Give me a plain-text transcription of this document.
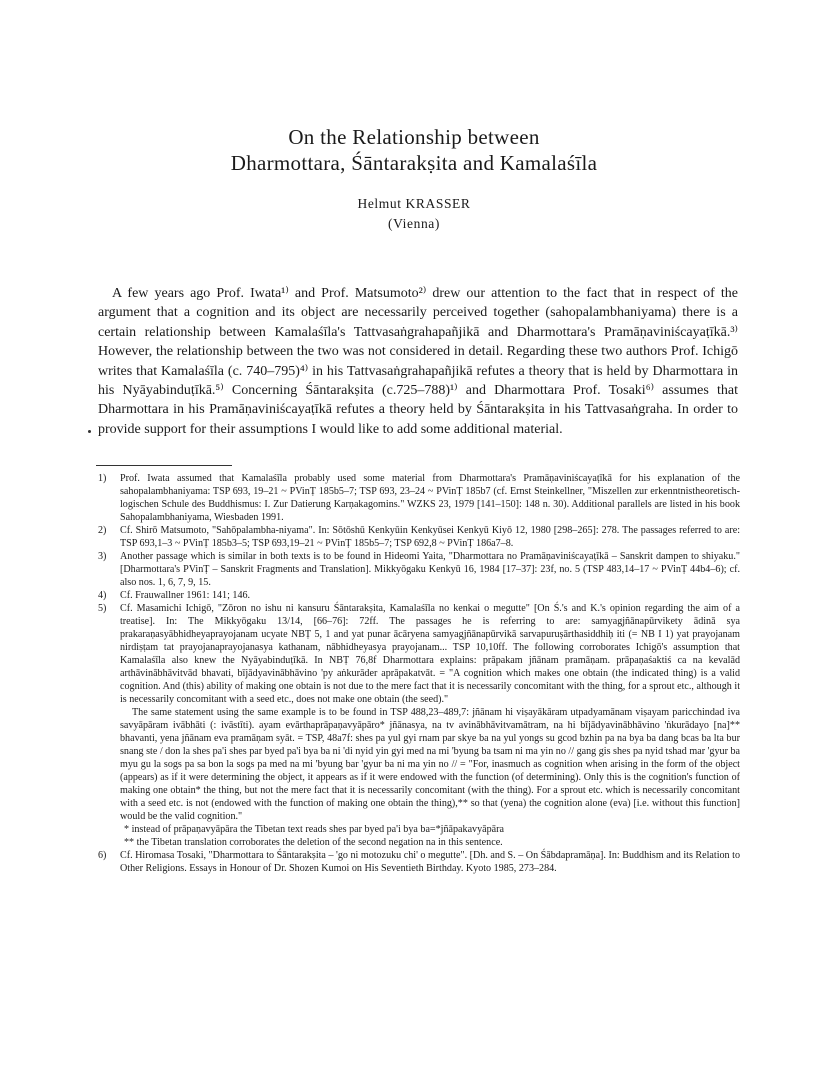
On the Relationship between
Dharmottara, Śāntarakṣita and Kamalaśīla
Helmut KRASSER
(Vienna)

A few years ago Prof. Iwata¹⁾ and Prof. Matsumoto²⁾ drew our attention to the fact that in respect of the argument that a cognition and its object are necessarily perceived together (sahopalambhaniyama) there is a certain relationship between Kamalaśīla's Tattvasaṅgrahapañjikā and Dharmottara's Pramāṇaviniścayaṭīkā.³⁾ However, the relationship between the two was not considered in detail. Regarding these two authors Prof. Ichigō writes that Kamalaśīla (c. 740–795)⁴⁾ in his Tattvasaṅgrahapañjikā refutes a theory that is held by Dharmottara in his Nyāyabinduṭīkā.⁵⁾ Concerning Śāntarakṣita (c.725–788)¹⁾ and Dharmottara Prof. Tosaki⁶⁾ assumes that Dharmottara in his Pramāṇaviniścayaṭīkā refutes a theory held by Śāntarakṣita in his Tattvasaṅgraha. In order to provide support for their assumptions I would like to add some additional material.

1)	Prof. Iwata assumed that Kamalaśīla probably used some material from Dharmottara's Pramāṇaviniścayaṭīkā for his explanation of the sahopalambhaniyama: TSP 693, 19–21 ~ PVinṬ 185b5–7; TSP 693, 23–24 ~ PVinṬ 185b7 (cf. Ernst Steinkellner, "Miszellen zur erkenntnistheoretisch-logischen Schule des Buddhismus: I. Zur Datierung Karṇakagomins." WZKS 23, 1979 [141–150]: 148 n. 30). Additional parallels are listed in his book Sahopalambhaniyama, Wiesbaden 1991.

2)	Cf. Shirō Matsumoto, "Sahōpalambha-niyama". In: Sōtōshū Kenkyūin Kenkyūsei Kenkyū Kiyō 12, 1980 [298–265]: 278. The passages referred to are: TSP 693,1–3 ~ PVinṬ 185b3–5; TSP 693,19–21 ~ PVinṬ 185b5–7; TSP 692,8 ~ PVinṬ 186a7–8.

3)	Another passage which is similar in both texts is to be found in Hideomi Yaita, "Dharmottara no Pramāṇaviniścayaṭīkā – Sanskrit dampen to shiyaku." [Dharmottara's PVinṬ – Sanskrit Fragments and Translation]. Mikkyōgaku Kenkyū 16, 1984 [17–37]: 23f, no. 5 (TSP 483,14–17 ~ PVinṬ 44b4–6); cf. also nos. 1, 6, 7, 9, 15.

4)	Cf. Frauwallner 1961: 141; 146.

5)	Cf. Masamichi Ichigō, "Zōron no ishu ni kansuru Śāntarakṣita, Kamalaśīla no kenkai o megutte" [On Ś.'s and K.'s opinion regarding the aim of a treatise]. In: The Mikkyōgaku 13/14, [66–76]: 72ff. The passages he is referring to are: samyagjñānapūrvikety ādinā sya prakaraṇasyābhidheyaprayojanam ucyate NBṬ 5, 1 and yat punar ācāryena samyagjñānapūrvikā sarvapuruṣārthasiddhiḥ iti (= NB I 1) yat prayojanam nirdiṣṭam tat prayojanaprayojanasya kathanam, nābhidheyasya prayojanam... TSP 10,10ff. The following corroborates Ichigō's assumption that Kamalaśīla also knew the Nyāyabinduṭīkā. In NBṬ 76,8f Dharmottara explains: prāpakam jñānam pramāṇam. prāpaṇaśaktiś ca na kevalād arthāvinābhāvitvād bhavati, bījādyavinābhāvino 'py aṅkurāder aprāpakatvāt. = "A cognition which makes one obtain (the indicated thing) is a valid cognition. And (this) ability of making one obtain is not due to the mere fact that it is necessarily concomitant with the thing, for a sprout etc., although it is necessarily concomitant with a seed etc., does not make one obtain (the seed)."

The same statement using the same example is to be found in TSP 488,23–489,7: jñānam hi viṣayākāram utpadyamānam viṣayam paricchindad iva savyāpāram ivābhāti (: ivāstīti). ayam evārthaprāpaṇavyāpāro* jñānasya, na tv avinābhāvitvamātram, na hi bījādyavinābhāvino 'ṅkurādayo [na]** bhavanti, yena jñānam eva pramāṇam syāt. = TSP, 48a7f: shes pa yul gyi rnam par skye ba na yul yongs su gcod bzhin pa na bya ba dang bcas ba lta bur snang ste / don la shes pa'i shes par byed pa'i bya ba ni 'di nyid yin gyi med na mi 'byung ba tsam ni ma yin no // gang gis shes pa nyid tshad mar 'gyur ba myu gu la sogs pa sa bon la sogs pa med na mi 'byung bar 'gyur ba ni ma yin no // = "For, inasmuch as cognition when arising in the form of the object (appears) as if it were determining the object, it appears as if it were endowed with the function (of determining). Only this is the cognition's function of making one obtain* the thing, but not the mere fact that it is necessarily concomitant (with the thing). For a sprout etc. which is necessarily concomitant with a seed etc. is not (endowed with the function of making one obtain the thing),** so that (yena) the cognition alone (eva) [i.e. without this function] would be the valid cognition."

* instead of prāpaṇavyāpāra the Tibetan text reads shes par byed pa'i bya ba=*jñāpakavyāpāra

** the Tibetan translation corroborates the deletion of the second negation na in this sentence.

6)	Cf. Hiromasa Tosaki, "Dharmottara to Śāntarakṣita – 'go ni motozuku chi' o megutte". [Dh. and S. – On Śābdapramāṇa]. In: Buddhism and its Relation to Other Religions. Essays in Honour of Dr. Shozen Kumoi on His Seventieth Birthday. Kyoto 1985, 273–284.
